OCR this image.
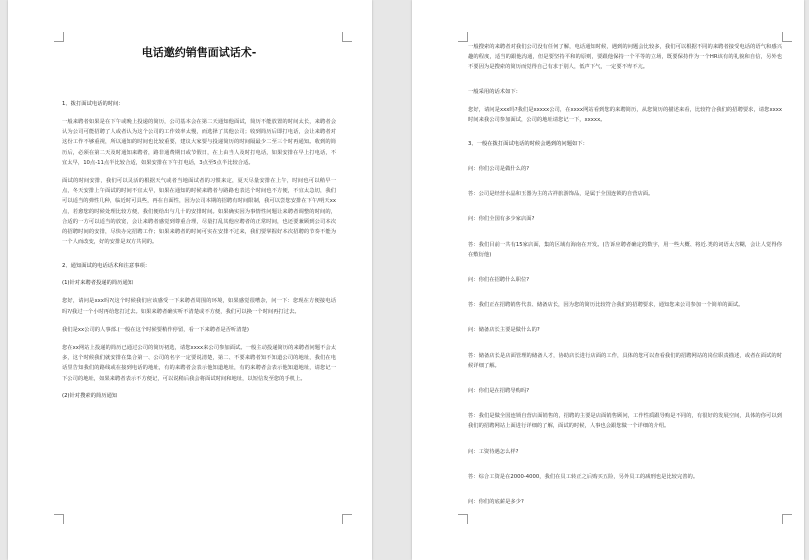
电话邀约销售面试话术-
1、拨打面试电话的时间：
一般来聘者如果是在下午或晚上投递的简历，公司基本会在第二天通知他面试，简历不能放置的时间太长，来聘者会认为公司可能招聘了人或者认为这个公司的工作效率太慢，而选择了其他公司；收到简历后即打电话，会让来聘者对这份工作不够重视，所以通知的时间也比较重要，建议大家要与投递简历的时间隔最少二至三个时再通知。收到的简历后，必须在第二天及时通知来聘者，路非通费期日或节假日，在上由当人及时打电话，如果安排在早上打电话，不宜太早，10点-11点半比较合适，如果安排在下午打电话，3点至5点半比较合适。
面试的时间安排，我们可以灵活的根据天气或者当地面试者的习惯来定，夏天尽量安排在上午，时间也可以稍早一点，冬天安排上午面试的时间不宜太早，如果在通知的时候来聘者与路路也表达个时间也不方便，不宜太急切，我们可以适当的弹性几种，临近时可具些，再在自面性，因为公司本期的招聘有时间限制，我可以尝您安排在下午/明天xx点，若愈您的时候处理比较方便，我们便给出与几十的安排时间。如果确实因为事情性问题让来聘者调整的时间的，合适的一方可以适当的放宽，会让来聘者感觉到尊重合理，尽量打乱其他应聘者的正常时间，也还要兼顾到公司本次的招聘时间的安排，尽快办完招聘工作；如果来聘者的时间可实在安排不过来，我们要掌握好本次招聘的节奏不能为一个人而改变，好的安排是双方共同的。
2、通知面试的电话话术和注意事项：
(1)针对来聘者投递的简历通知
您好，请问是xxx吗?(这个时候我们应该感受一下来聘者周围的环境，如果感觉很嘈杂，问一下：您现在方便接电话吗?/我过一个小时再给您打过去。如果来聘者确实听不清楚或不方便，我们可以换一个时间再打过去。
我们是xx公司的人事部.(一般在这个时候要稍作停留，看一下来聘者是否听清楚)
您在xx网站上投递的简历已通过公司的简历初选，请您xxxx来公司参加面试。一般主动投递简历的来聘者问题不会太多，这个时候我们就安排在集合第一、公司的名字一定要说清楚，第二、不要来聘者知不知道公司的地址，我们在电话里告知我们的路线或在接到电话的地址，有的来聘者会表示他知道地址，有的来聘者会表示他知道地址，请您记一下公司的地址，如果来聘者表示不方便记，可以说稍后我会将面试时间和地址，以短信发至您的手机上。
(2)针对搜索的简历通知
一般搜索的来聘者对我们公司没有任何了解，电话通知时候，遇到的问题会比较多，我们可以根据不同的来聘者接受电话的语气和感兴趣的程度，适当的跟他沟通，但是要坚持平和的原则，要跟他保持一个平等的立场，既要保持作为一个HR该有的礼貌和自信，另外也不要因为是搜索的简历而觉得自己有求于别人，低声下气，一定要不卑不亢。
一般采用的话术如下：
您好，请问是xxx吗?我们是xxxxx公司，在xxxx网站看到您的来聘简历，从您简历的描述来看，比较符合我们的招聘要求，请您xxxx时间来我公司参加面试，公司的地址请您记一下，xxxxx。
3、一般在拨打面试电话的时候会遇到的问题如下：
问：你们公司是做什么的?
答：公司是经营水晶和玉器为主的古祥旅游饰品，是属于全国连锁的自营店面。
问：你们全国有多少家店面?
答：我们目前一共有15家店面，集的区域有海南在开发。(告诉应聘者确定的数字，用一些大概、将近.类的词语太含糊，会让人觉得你在敷衍他)
问：你们在招聘什么职位?
答：我们正在招聘销售代表、储备店长，因为您的简历比较符合我们的招聘要求，通知您来公司参加一个简单的面试。
问：储备店长主要是做什么的?
答：储备店长是店面管理的储备人才，协助店长进行店面的工作，具体的您可以查看我们的招聘网站的岗位职责描述，或者在面试的时候详细了解。
问：你们是在招聘导购吗?
答：我们是做全国连锁自营店面销售的，招聘的主要是店面销售顾问，工作性质跟导购是不同的，有很好的发展空间，具体的你可以到我们的招聘网站上面进行详细的了解，面试的时候，人事也会跟您做一个详细的介绍。
问：工资待遇怎么样?
答：综合工资是在2000-4000，我们在员工转正之后购买五险，另外员工的减刑也是比较完善的。
问：你们的底薪是多少?
